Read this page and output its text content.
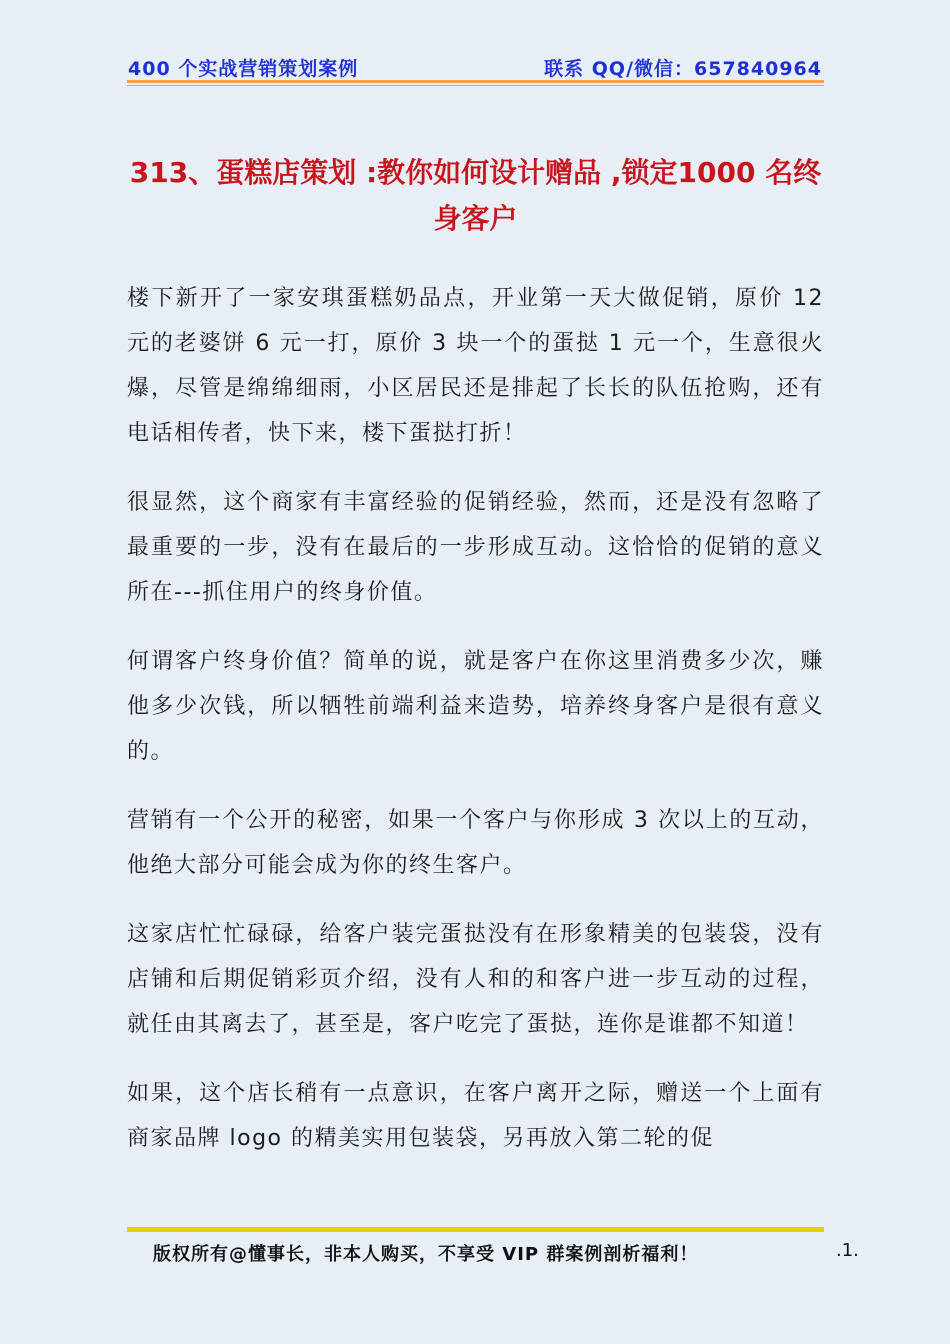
400 个实战营销策划案例	联系 QQ/微信：657840964
313、蛋糕店策划 :教你如何设计赠品 ,锁定1000 名终身客户

楼下新开了一家安琪蛋糕奶品点，开业第一天大做促销，原价 12 元的老婆饼 6 元一打，原价 3 块一个的蛋挞 1 元一个，生意很火爆，尽管是绵绵细雨，小区居民还是排起了长长的队伍抢购，还有电话相传者，快下来，楼下蛋挞打折！

很显然，这个商家有丰富经验的促销经验，然而，还是没有忽略了最重要的一步，没有在最后的一步形成互动。这恰恰的促销的意义所在---抓住用户的终身价值。

何谓客户终身价值？简单的说，就是客户在你这里消费多少次，赚他多少次钱，所以牺牲前端利益来造势，培养终身客户是很有意义的。

营销有一个公开的秘密，如果一个客户与你形成 3 次以上的互动，他绝大部分可能会成为你的终生客户。

这家店忙忙碌碌，给客户装完蛋挞没有在形象精美的包装袋，没有店铺和后期促销彩页介绍，没有人和的和客户进一步互动的过程，就任由其离去了，甚至是，客户吃完了蛋挞，连你是谁都不知道！

如果，这个店长稍有一点意识，在客户离开之际，赠送一个上面有商家品牌 logo 的精美实用包装袋，另再放入第二轮的促

版权所有@懂事长，非本人购买，不享受 VIP 群案例剖析福利！	.1.
